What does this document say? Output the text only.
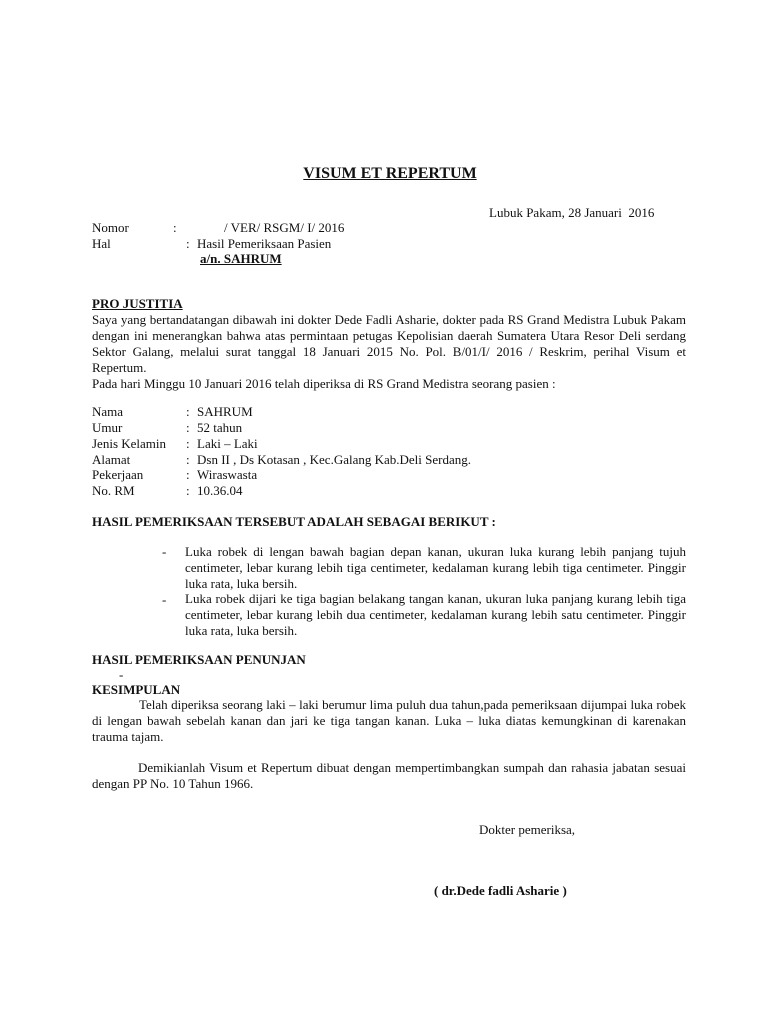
VISUM ET REPERTUM
Lubuk Pakam, 28 Januari  2016
Nomor	:	/ VER/ RSGM/ I/ 2016
Hal	: Hasil Pemeriksaan Pasien
a/n. SAHRUM
PRO JUSTITIA
Saya yang bertandatangan dibawah ini dokter Dede Fadli Asharie, dokter pada RS Grand Medistra Lubuk Pakam dengan ini menerangkan bahwa atas permintaan petugas Kepolisian daerah Sumatera Utara Resor Deli serdang Sektor Galang, melalui surat tanggal 18 Januari 2015 No. Pol. B/01/I/ 2016 / Reskrim, perihal Visum et Repertum.
Pada hari Minggu 10 Januari 2016 telah diperiksa di RS Grand Medistra seorang pasien :
Nama	: SAHRUM
Umur	: 52 tahun
Jenis Kelamin : Laki – Laki
Alamat	: Dsn II , Ds Kotasan , Kec.Galang Kab.Deli Serdang.
Pekerjaan	: Wiraswasta
No. RM	: 10.36.04
HASIL PEMERIKSAAN TERSEBUT ADALAH SEBAGAI BERIKUT :
- Luka robek di lengan bawah bagian depan kanan, ukuran luka kurang lebih panjang tujuh centimeter, lebar kurang lebih tiga centimeter, kedalaman kurang lebih tiga centimeter. Pinggir luka rata, luka bersih.
- Luka robek dijari ke tiga bagian belakang tangan kanan, ukuran luka panjang kurang lebih tiga centimeter, lebar kurang lebih dua centimeter, kedalaman kurang lebih satu centimeter. Pinggir luka rata, luka bersih.
HASIL PEMERIKSAAN PENUNJAN
-
KESIMPULAN
Telah diperiksa seorang laki – laki berumur lima puluh dua tahun,pada pemeriksaan dijumpai luka robek di lengan bawah sebelah kanan dan jari ke tiga tangan kanan. Luka – luka diatas kemungkinan di karenakan trauma tajam.
Demikianlah Visum et Repertum dibuat dengan mempertimbangkan sumpah dan rahasia jabatan sesuai dengan PP No. 10 Tahun 1966.
Dokter pemeriksa,
( dr.Dede fadli Asharie )
